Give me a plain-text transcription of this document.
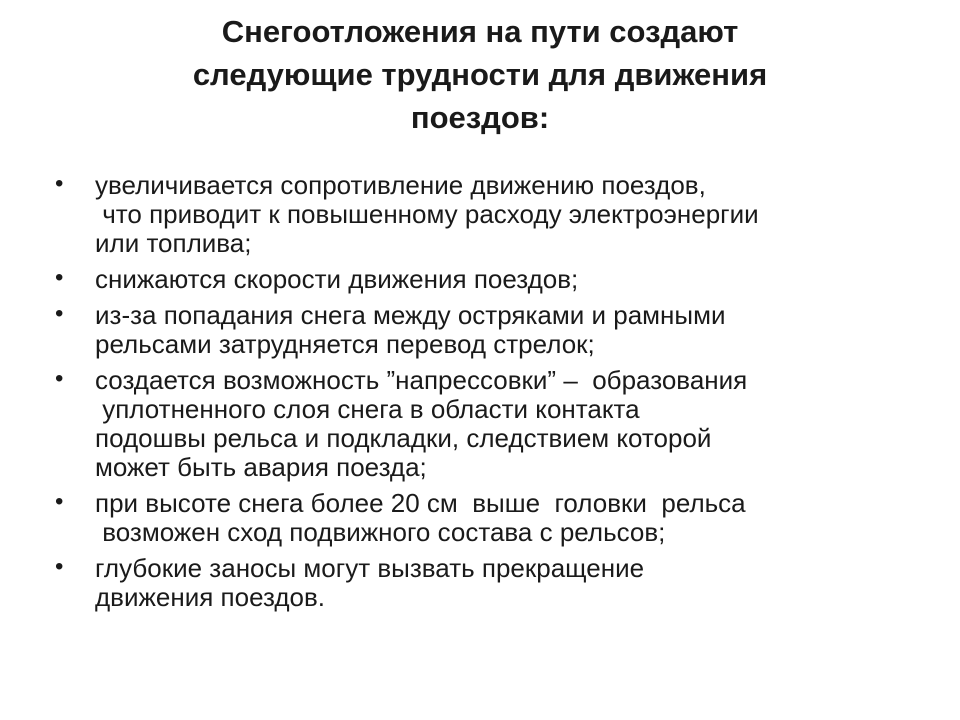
Снегоотложения на пути создают
следующие трудности для движения
поездов:
• увеличивается сопротивление движению поездов,
что приводит к повышенному расходу электроэнергии
или топлива;
• снижаются скорости движения поездов;
• из-за попадания снега между остряками и рамными
рельсами затрудняется перевод стрелок;
• создается возможность ”напрессовки” –  образования
уплотненного слоя снега в области контакта
подошвы рельса и подкладки, следствием которой
может быть авария поезда;
• при высоте снега более 20 см  выше  головки  рельса
возможен сход подвижного состава с рельсов;
• глубокие заносы могут вызвать прекращение
движения поездов.
